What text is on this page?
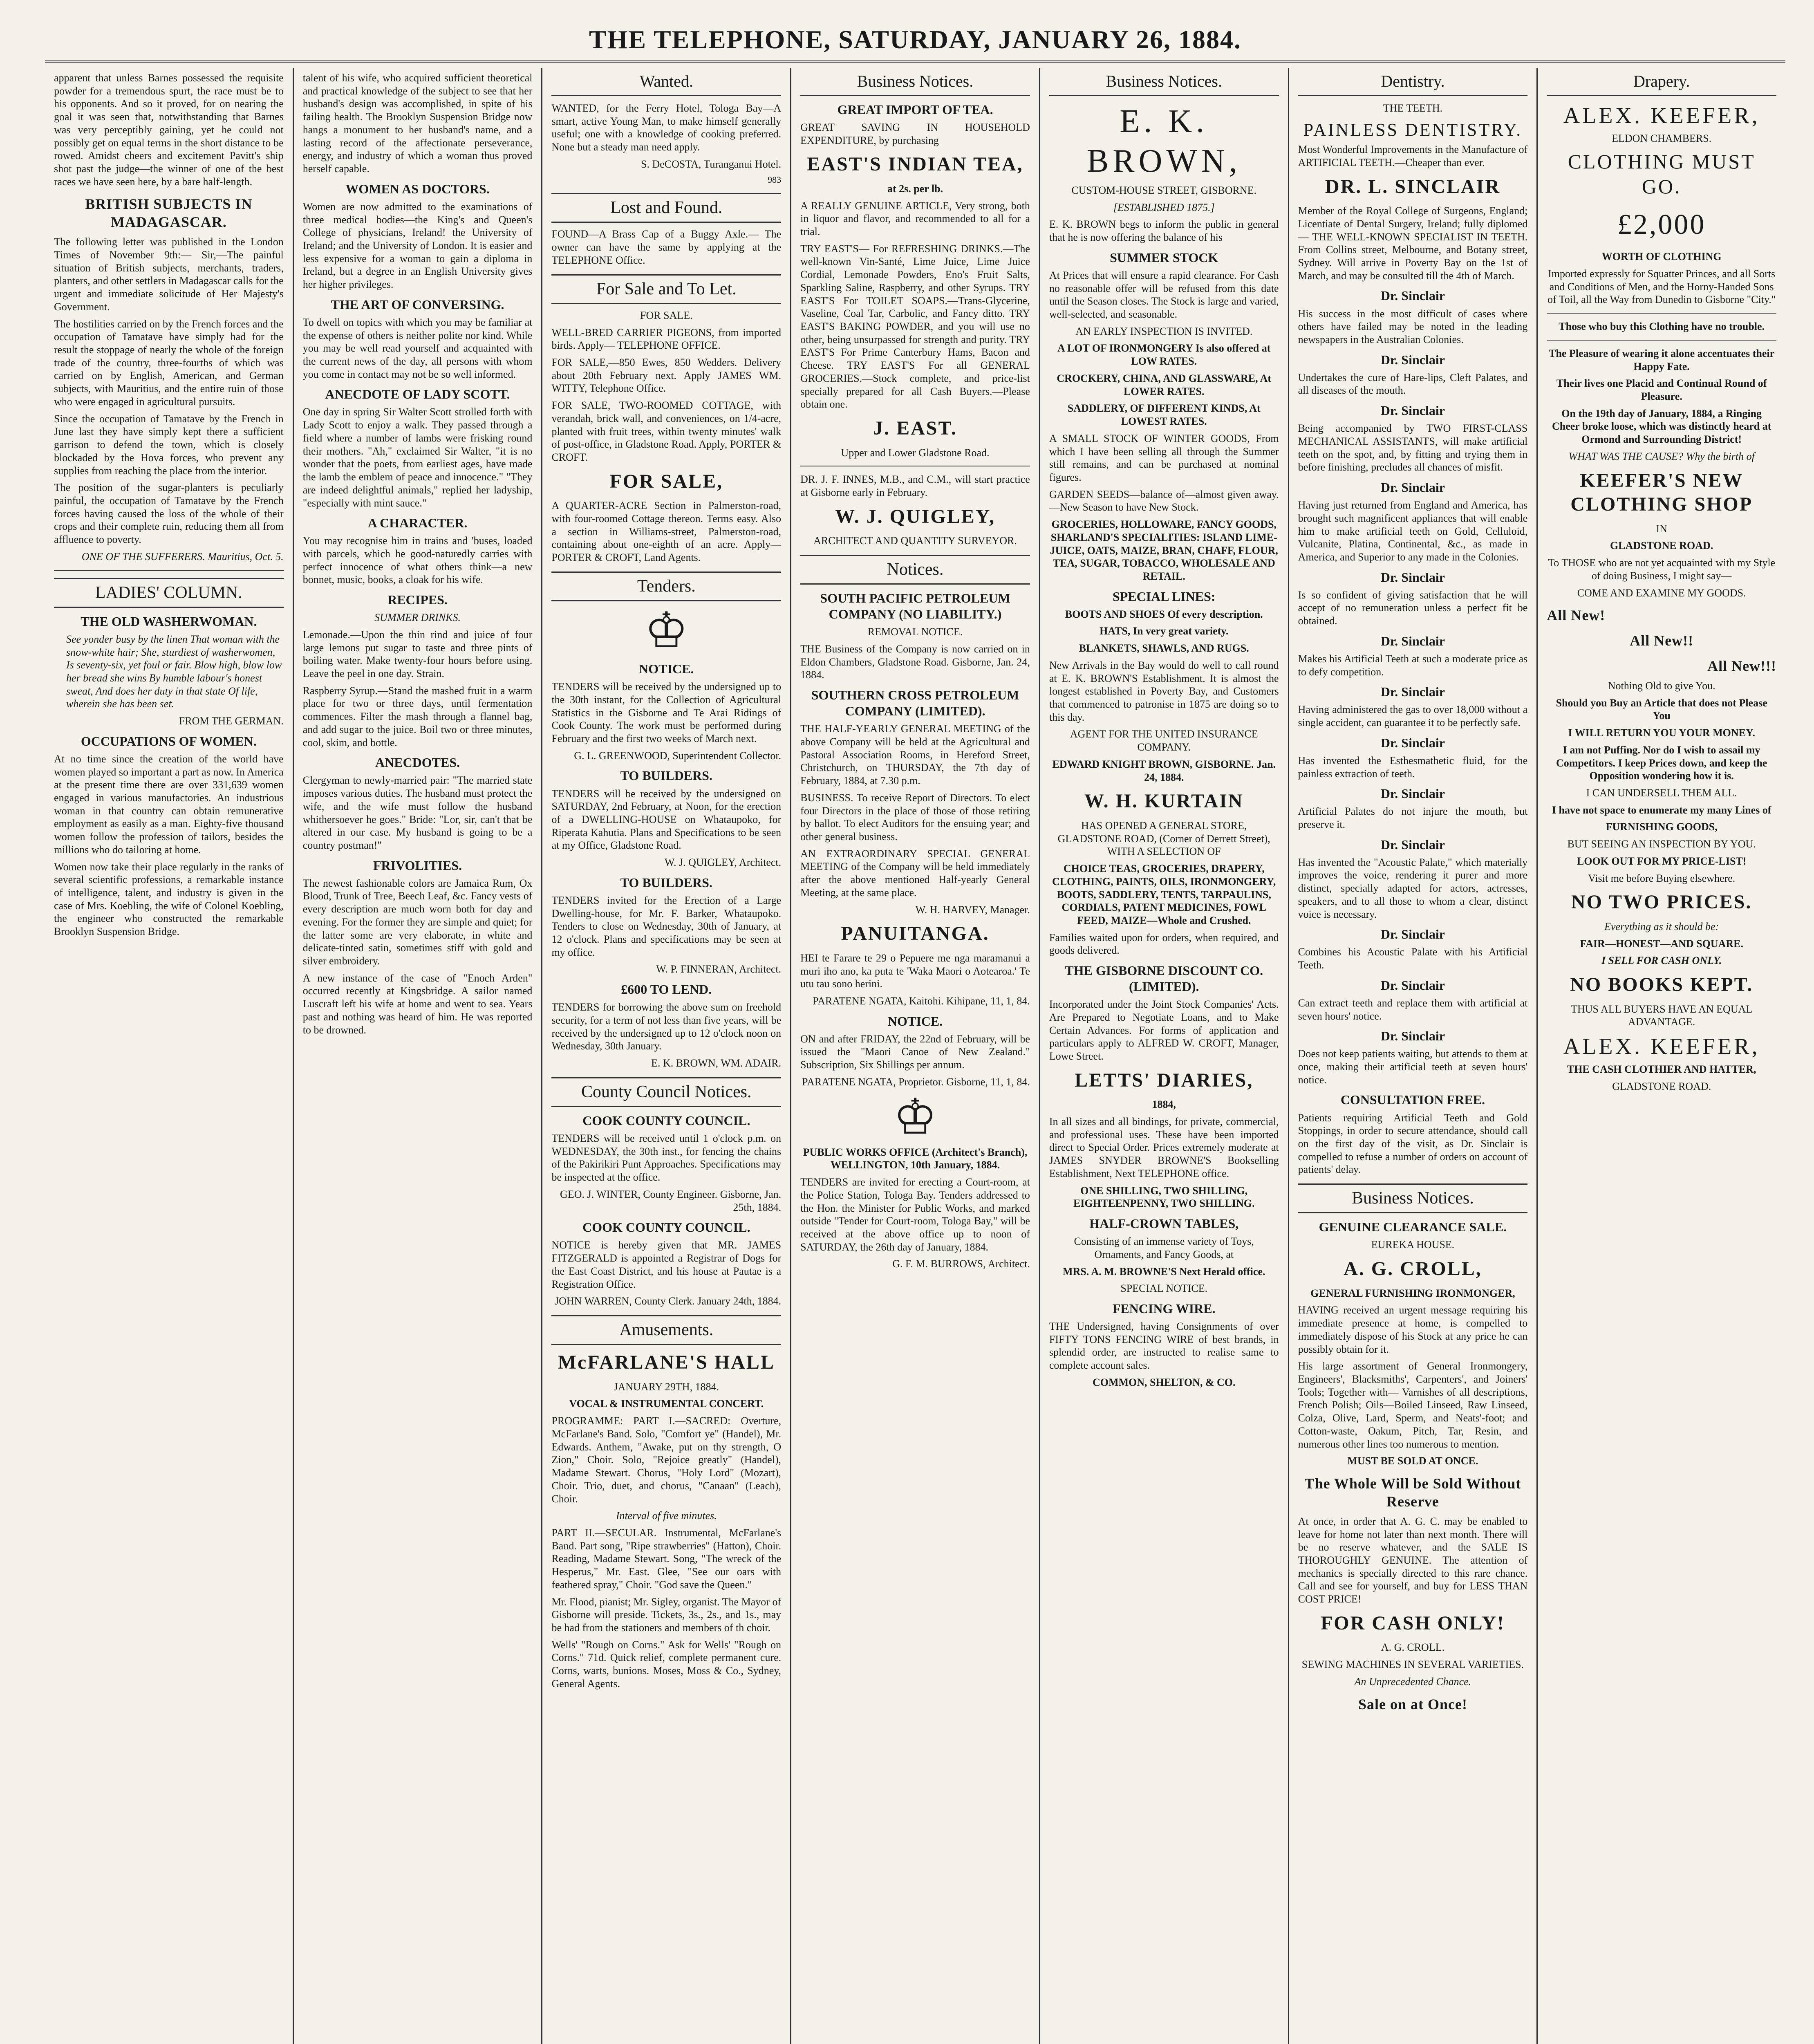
THE TELEPHONE, SATURDAY, JANUARY 26, 1884.

apparent that unless Barnes possessed the requisite powder for a tremendous spurt, the race must be to his opponents. And so it proved, for on nearing the goal it was seen that, notwithstanding that Barnes was very perceptibly gaining, yet he could not possibly get on equal terms in the short distance to be rowed. Amidst cheers and excitement Pavitt's ship shot past the judge—the winner of one of the best races we have seen here, by a bare half-length.

BRITISH SUBJECTS IN MADAGASCAR.

The following letter was published in the London Times of November 9th:— Sir,—The painful situation of British subjects, merchants, traders, planters, and other settlers in Madagascar calls for the urgent and immediate solicitude of Her Majesty's Government.

The hostilities carried on by the French forces and the occupation of Tamatave have simply had for the result the stoppage of nearly the whole of the foreign trade of the country, three-fourths of which was carried on by English, American, and German subjects, with Mauritius, and the entire ruin of those who were engaged in agricultural pursuits.

Since the occupation of Tamatave by the French in June last they have simply kept there a sufficient garrison to defend the town, which is closely blockaded by the Hova forces, who prevent any supplies from reaching the place from the interior.

The position of the sugar-planters is peculiarly painful, the occupation of Tamatave by the French forces having caused the loss of the whole of their crops and their complete ruin, reducing them all from affluence to poverty.

ONE OF THE SUFFERERS. Mauritius, Oct. 5.

LADIES' COLUMN.
THE OLD WASHERWOMAN.

See yonder busy by the linen That woman with the snow-white hair; She, sturdiest of washerwomen, Is seventy-six, yet foul or fair. Blow high, blow low her bread she wins By humble labour's honest sweat, And does her duty in that state Of life, wherein she has been set.

FROM THE GERMAN.

OCCUPATIONS OF WOMEN.

At no time since the creation of the world have women played so important a part as now. In America at the present time there are over 331,639 women engaged in various manufactories. An industrious woman in that country can obtain remunerative employment as easily as a man. Eighty-five thousand women follow the profession of tailors, besides the millions who do tailoring at home.

Women now take their place regularly in the ranks of several scientific professions, a remarkable instance of intelligence, talent, and industry is given in the case of Mrs. Koebling, the wife of Colonel Koebling, the engineer who constructed the remarkable Brooklyn Suspension Bridge.

talent of his wife, who acquired sufficient theoretical and practical knowledge of the subject to see that her husband's design was accomplished, in spite of his failing health. The Brooklyn Suspension Bridge now hangs a monument to her husband's name, and a lasting record of the affectionate perseverance, energy, and industry of which a woman thus proved herself capable.

WOMEN AS DOCTORS.

Women are now admitted to the examinations of three medical bodies—the King's and Queen's College of physicians, Ireland! the University of Ireland; and the University of London. It is easier and less expensive for a woman to gain a diploma in Ireland, but a degree in an English University gives her higher privileges.

THE ART OF CONVERSING.

To dwell on topics with which you may be familiar at the expense of others is neither polite nor kind. While you may be well read yourself and acquainted with the current news of the day, all persons with whom you come in contact may not be so well informed.

ANECDOTE OF LADY SCOTT.

One day in spring Sir Walter Scott strolled forth with Lady Scott to enjoy a walk. They passed through a field where a number of lambs were frisking round their mothers. "Ah," exclaimed Sir Walter, "it is no wonder that the poets, from earliest ages, have made the lamb the emblem of peace and innocence." "They are indeed delightful animals," replied her ladyship, "especially with mint sauce."

A CHARACTER.

You may recognise him in trains and 'buses, loaded with parcels, which he good-naturedly carries with perfect innocence of what others think—a new bonnet, music, books, a cloak for his wife.

RECIPES.

SUMMER DRINKS.

Lemonade.—Upon the thin rind and juice of four large lemons put sugar to taste and three pints of boiling water. Make twenty-four hours before using. Leave the peel in one day. Strain.

Raspberry Syrup.—Stand the mashed fruit in a warm place for two or three days, until fermentation commences. Filter the mash through a flannel bag, and add sugar to the juice. Boil two or three minutes, cool, skim, and bottle.

ANECDOTES.

Clergyman to newly-married pair: "The married state imposes various duties. The husband must protect the wife, and the wife must follow the husband whithersoever he goes." Bride: "Lor, sir, can't that be altered in our case. My husband is going to be a country postman!"

FRIVOLITIES.

The newest fashionable colors are Jamaica Rum, Ox Blood, Trunk of Tree, Beech Leaf, &c. Fancy vests of every description are much worn both for day and evening. For the former they are simple and quiet; for the latter some are very elaborate, in white and delicate-tinted satin, sometimes stiff with gold and silver embroidery.

A new instance of the case of "Enoch Arden" occurred recently at Kingsbridge. A sailor named Luscraft left his wife at home and went to sea. Years past and nothing was heard of him. He was reported to be drowned.

Wanted.

WANTED, for the Ferry Hotel, Tologa Bay—A smart, active Young Man, to make himself generally useful; one with a knowledge of cooking preferred. None but a steady man need apply.

S. DeCOSTA, Turanganui Hotel.

983

Lost and Found.

FOUND—A Brass Cap of a Buggy Axle.— The owner can have the same by applying at the TELEPHONE Office.

For Sale and To Let.

FOR SALE.

WELL-BRED CARRIER PIGEONS, from imported birds. Apply— TELEPHONE OFFICE.

FOR SALE,—850 Ewes, 850 Wedders. Delivery about 20th February next. Apply JAMES WM. WITTY, Telephone Office.

FOR SALE, TWO-ROOMED COTTAGE, with verandah, brick wall, and conveniences, on 1/4-acre, planted with fruit trees, within twenty minutes' walk of post-office, in Gladstone Road. Apply, PORTER & CROFT.

FOR SALE,

A QUARTER-ACRE Section in Palmerston-road, with four-roomed Cottage thereon. Terms easy. Also a section in Williams-street, Palmerston-road, containing about one-eighth of an acre. Apply— PORTER & CROFT, Land Agents.

Tenders.
♔
NOTICE.

TENDERS will be received by the undersigned up to the 30th instant, for the Collection of Agricultural Statistics in the Gisborne and Te Arai Ridings of Cook County. The work must be performed during February and the first two weeks of March next.

G. L. GREENWOOD, Superintendent Collector.

TO BUILDERS.

TENDERS will be received by the undersigned on SATURDAY, 2nd February, at Noon, for the erection of a DWELLING-HOUSE on Whataupoko, for Riperata Kahutia. Plans and Specifications to be seen at my Office, Gladstone Road.

W. J. QUIGLEY, Architect.

TO BUILDERS.

TENDERS invited for the Erection of a Large Dwelling-house, for Mr. F. Barker, Whataupoko. Tenders to close on Wednesday, 30th of January, at 12 o'clock. Plans and specifications may be seen at my office.

W. P. FINNERAN, Architect.

£600 TO LEND.

TENDERS for borrowing the above sum on freehold security, for a term of not less than five years, will be received by the undersigned up to 12 o'clock noon on Wednesday, 30th January.

E. K. BROWN, WM. ADAIR.

County Council Notices.
COOK COUNTY COUNCIL.

TENDERS will be received until 1 o'clock p.m. on WEDNESDAY, the 30th inst., for fencing the chains of the Pakirikiri Punt Approaches. Specifications may be inspected at the office.

GEO. J. WINTER, County Engineer. Gisborne, Jan. 25th, 1884.

COOK COUNTY COUNCIL.

NOTICE is hereby given that MR. JAMES FITZGERALD is appointed a Registrar of Dogs for the East Coast District, and his house at Pautae is a Registration Office.

JOHN WARREN, County Clerk. January 24th, 1884.

Amusements.
McFARLANE'S HALL

JANUARY 29TH, 1884.

VOCAL & INSTRUMENTAL CONCERT.

PROGRAMME: PART I.—SACRED: Overture, McFarlane's Band. Solo, "Comfort ye" (Handel), Mr. Edwards. Anthem, "Awake, put on thy strength, O Zion," Choir. Solo, "Rejoice greatly" (Handel), Madame Stewart. Chorus, "Holy Lord" (Mozart), Choir. Trio, duet, and chorus, "Canaan" (Leach), Choir.

Interval of five minutes.

PART II.—SECULAR. Instrumental, McFarlane's Band. Part song, "Ripe strawberries" (Hatton), Choir. Reading, Madame Stewart. Song, "The wreck of the Hesperus," Mr. East. Glee, "See our oars with feathered spray," Choir. "God save the Queen."

Mr. Flood, pianist; Mr. Sigley, organist. The Mayor of Gisborne will preside. Tickets, 3s., 2s., and 1s., may be had from the stationers and members of th choir.

Wells' "Rough on Corns." Ask for Wells' "Rough on Corns." 71d. Quick relief, complete permanent cure. Corns, warts, bunions. Moses, Moss & Co., Sydney, General Agents.

Business Notices.
GREAT IMPORT OF TEA.

GREAT SAVING IN HOUSEHOLD EXPENDITURE, by purchasing

EAST'S INDIAN TEA,

at 2s. per lb.

A REALLY GENUINE ARTICLE, Very strong, both in liquor and flavor, and recommended to all for a trial.

TRY EAST'S— For REFRESHING DRINKS.—The well-known Vin-Santé, Lime Juice, Lime Juice Cordial, Lemonade Powders, Eno's Fruit Salts, Sparkling Saline, Raspberry, and other Syrups. TRY EAST'S For TOILET SOAPS.—Trans-Glycerine, Vaseline, Coal Tar, Carbolic, and Fancy ditto. TRY EAST'S BAKING POWDER, and you will use no other, being unsurpassed for strength and purity. TRY EAST'S For Prime Canterbury Hams, Bacon and Cheese. TRY EAST'S For all GENERAL GROCERIES.—Stock complete, and price-list specially prepared for all Cash Buyers.—Please obtain one.

J. EAST.

Upper and Lower Gladstone Road.

DR. J. F. INNES, M.B., and C.M., will start practice at Gisborne early in February.

W. J. QUIGLEY,

ARCHITECT AND QUANTITY SURVEYOR.

Notices.
SOUTH PACIFIC PETROLEUM COMPANY (NO LIABILITY.)

REMOVAL NOTICE.

THE Business of the Company is now carried on in Eldon Chambers, Gladstone Road. Gisborne, Jan. 24, 1884.

SOUTHERN CROSS PETROLEUM COMPANY (LIMITED).

THE HALF-YEARLY GENERAL MEETING of the above Company will be held at the Agricultural and Pastoral Association Rooms, in Hereford Street, Christchurch, on THURSDAY, the 7th day of February, 1884, at 7.30 p.m.

BUSINESS. To receive Report of Directors. To elect four Directors in the place of those of those retiring by ballot. To elect Auditors for the ensuing year; and other general business.

AN EXTRAORDINARY SPECIAL GENERAL MEETING of the Company will be held immediately after the above mentioned Half-yearly General Meeting, at the same place.

W. H. HARVEY, Manager.

PANUITANGA.

HEI te Farare te 29 o Pepuere me nga maramanui a muri iho ano, ka puta te 'Waka Maori o Aotearoa.' Te utu tau sono herini.

PARATENE NGATA, Kaitohi. Kihipane, 11, 1, 84.

NOTICE.

ON and after FRIDAY, the 22nd of February, will be issued the "Maori Canoe of New Zealand." Subscription, Six Shillings per annum.

PARATENE NGATA, Proprietor. Gisborne, 11, 1, 84.

♔

PUBLIC WORKS OFFICE (Architect's Branch), WELLINGTON, 10th January, 1884.

TENDERS are invited for erecting a Court-room, at the Police Station, Tologa Bay. Tenders addressed to the Hon. the Minister for Public Works, and marked outside "Tender for Court-room, Tologa Bay," will be received at the above office up to noon of SATURDAY, the 26th day of January, 1884.

G. F. M. BURROWS, Architect.

Business Notices.
E. K. BROWN,

CUSTOM-HOUSE STREET, GISBORNE.

[ESTABLISHED 1875.]

E. K. BROWN begs to inform the public in general that he is now offering the balance of his

SUMMER STOCK

At Prices that will ensure a rapid clearance. For Cash no reasonable offer will be refused from this date until the Season closes. The Stock is large and varied, well-selected, and seasonable.

AN EARLY INSPECTION IS INVITED.

A LOT OF IRONMONGERY Is also offered at LOW RATES.

CROCKERY, CHINA, AND GLASSWARE, At LOWER RATES.

SADDLERY, OF DIFFERENT KINDS, At LOWEST RATES.

A SMALL STOCK OF WINTER GOODS, From which I have been selling all through the Summer still remains, and can be purchased at nominal figures.

GARDEN SEEDS—balance of—almost given away.—New Season to have New Stock.

GROCERIES, HOLLOWARE, FANCY GOODS, SHARLAND'S SPECIALITIES: ISLAND LIME-JUICE, OATS, MAIZE, BRAN, CHAFF, FLOUR, TEA, SUGAR, TOBACCO, WHOLESALE AND RETAIL.

SPECIAL LINES:

BOOTS AND SHOES Of every description.

HATS, In very great variety.

BLANKETS, SHAWLS, AND RUGS.

New Arrivals in the Bay would do well to call round at E. K. BROWN'S Establishment. It is almost the longest established in Poverty Bay, and Customers that commenced to patronise in 1875 are doing so to this day.

AGENT FOR THE UNITED INSURANCE COMPANY.

EDWARD KNIGHT BROWN, GISBORNE. Jan. 24, 1884.

W. H. KURTAIN

HAS OPENED A GENERAL STORE, GLADSTONE ROAD, (Corner of Derrett Street), WITH A SELECTION OF

CHOICE TEAS, GROCERIES, DRAPERY, CLOTHING, PAINTS, OILS, IRONMONGERY, BOOTS, SADDLERY, TENTS, TARPAULINS, CORDIALS, PATENT MEDICINES, FOWL FEED, MAIZE—Whole and Crushed.

Families waited upon for orders, when required, and goods delivered.

THE GISBORNE DISCOUNT CO. (LIMITED).

Incorporated under the Joint Stock Companies' Acts. Are Prepared to Negotiate Loans, and to Make Certain Advances. For forms of application and particulars apply to ALFRED W. CROFT, Manager, Lowe Street.

LETTS' DIARIES,

1884,

In all sizes and all bindings, for private, commercial, and professional uses. These have been imported direct to Special Order. Prices extremely moderate at JAMES SNYDER BROWNE'S Bookselling Establishment, Next TELEPHONE office.

ONE SHILLING, TWO SHILLING, EIGHTEENPENNY, TWO SHILLING.

HALF-CROWN TABLES,

Consisting of an immense variety of Toys, Ornaments, and Fancy Goods, at

MRS. A. M. BROWNE'S Next Herald office.

SPECIAL NOTICE.

FENCING WIRE.

THE Undersigned, having Consignments of over FIFTY TONS FENCING WIRE of best brands, in splendid order, are instructed to realise same to complete account sales.

COMMON, SHELTON, & CO.

Dentistry.

THE TEETH.

PAINLESS DENTISTRY.

Most Wonderful Improvements in the Manufacture of ARTIFICIAL TEETH.—Cheaper than ever.

DR. L. SINCLAIR

Member of the Royal College of Surgeons, England; Licentiate of Dental Surgery, Ireland; fully diplomed— THE WELL-KNOWN SPECIALIST IN TEETH. From Collins street, Melbourne, and Botany street, Sydney. Will arrive in Poverty Bay on the 1st of March, and may be consulted till the 4th of March.

Dr. Sinclair

His success in the most difficult of cases where others have failed may be noted in the leading newspapers in the Australian Colonies.

Dr. Sinclair

Undertakes the cure of Hare-lips, Cleft Palates, and all diseases of the mouth.

Dr. Sinclair

Being accompanied by TWO FIRST-CLASS MECHANICAL ASSISTANTS, will make artificial teeth on the spot, and, by fitting and trying them in before finishing, precludes all chances of misfit.

Dr. Sinclair

Having just returned from England and America, has brought such magnificent appliances that will enable him to make artificial teeth on Gold, Celluloid, Vulcanite, Platina, Continental, &c., as made in America, and Superior to any made in the Colonies.

Dr. Sinclair

Is so confident of giving satisfaction that he will accept of no remuneration unless a perfect fit be obtained.

Dr. Sinclair

Makes his Artificial Teeth at such a moderate price as to defy competition.

Dr. Sinclair

Having administered the gas to over 18,000 without a single accident, can guarantee it to be perfectly safe.

Dr. Sinclair

Has invented the Esthesmathetic fluid, for the painless extraction of teeth.

Dr. Sinclair

Artificial Palates do not injure the mouth, but preserve it.

Dr. Sinclair

Has invented the "Acoustic Palate," which materially improves the voice, rendering it purer and more distinct, specially adapted for actors, actresses, speakers, and to all those to whom a clear, distinct voice is necessary.

Dr. Sinclair

Combines his Acoustic Palate with his Artificial Teeth.

Dr. Sinclair

Can extract teeth and replace them with artificial at seven hours' notice.

Dr. Sinclair

Does not keep patients waiting, but attends to them at once, making their artificial teeth at seven hours' notice.

CONSULTATION FREE.

Patients requiring Artificial Teeth and Gold Stoppings, in order to secure attendance, should call on the first day of the visit, as Dr. Sinclair is compelled to refuse a number of orders on account of patients' delay.

Business Notices.
GENUINE CLEARANCE SALE.

EUREKA HOUSE.

A. G. CROLL,

GENERAL FURNISHING IRONMONGER,

HAVING received an urgent message requiring his immediate presence at home, is compelled to immediately dispose of his Stock at any price he can possibly obtain for it.

His large assortment of General Ironmongery, Engineers', Blacksmiths', Carpenters', and Joiners' Tools; Together with— Varnishes of all descriptions, French Polish; Oils—Boiled Linseed, Raw Linseed, Colza, Olive, Lard, Sperm, and Neats'-foot; and Cotton-waste, Oakum, Pitch, Tar, Resin, and numerous other lines too numerous to mention.

MUST BE SOLD AT ONCE.

The Whole Will be Sold Without Reserve

At once, in order that A. G. C. may be enabled to leave for home not later than next month. There will be no reserve whatever, and the SALE IS THOROUGHLY GENUINE. The attention of mechanics is specially directed to this rare chance. Call and see for yourself, and buy for LESS THAN COST PRICE!

FOR CASH ONLY!

A. G. CROLL.

SEWING MACHINES IN SEVERAL VARIETIES.

An Unprecedented Chance.

Sale on at Once!
Drapery.
ALEX. KEEFER,

ELDON CHAMBERS.

CLOTHING MUST GO.
£2,000

WORTH OF CLOTHING

Imported expressly for Squatter Princes, and all Sorts and Conditions of Men, and the Horny-Handed Sons of Toil, all the Way from Dunedin to Gisborne "City."

Those who buy this Clothing have no trouble.

The Pleasure of wearing it alone accentuates their Happy Fate.

Their lives one Placid and Continual Round of Pleasure.

On the 19th day of January, 1884, a Ringing Cheer broke loose, which was distinctly heard at Ormond and Surrounding District!

WHAT WAS THE CAUSE? Why the birth of

KEEFER'S NEW CLOTHING SHOP

IN

GLADSTONE ROAD.

To THOSE who are not yet acquainted with my Style of doing Business, I might say—

COME AND EXAMINE MY GOODS.

All New!
All New!!
All New!!!

Nothing Old to give You.

Should you Buy an Article that does not Please You

I WILL RETURN YOU YOUR MONEY.

I am not Puffing. Nor do I wish to assail my Competitors. I keep Prices down, and keep the Opposition wondering how it is.

I CAN UNDERSELL THEM ALL.

I have not space to enumerate my many Lines of

FURNISHING GOODS,

BUT SEEING AN INSPECTION BY YOU.

LOOK OUT FOR MY PRICE-LIST!

Visit me before Buying elsewhere.

NO TWO PRICES.

Everything as it should be:

FAIR—HONEST—AND SQUARE.

I SELL FOR CASH ONLY.

NO BOOKS KEPT.

THUS ALL BUYERS HAVE AN EQUAL ADVANTAGE.

ALEX. KEEFER,

THE CASH CLOTHIER AND HATTER,

GLADSTONE ROAD.
